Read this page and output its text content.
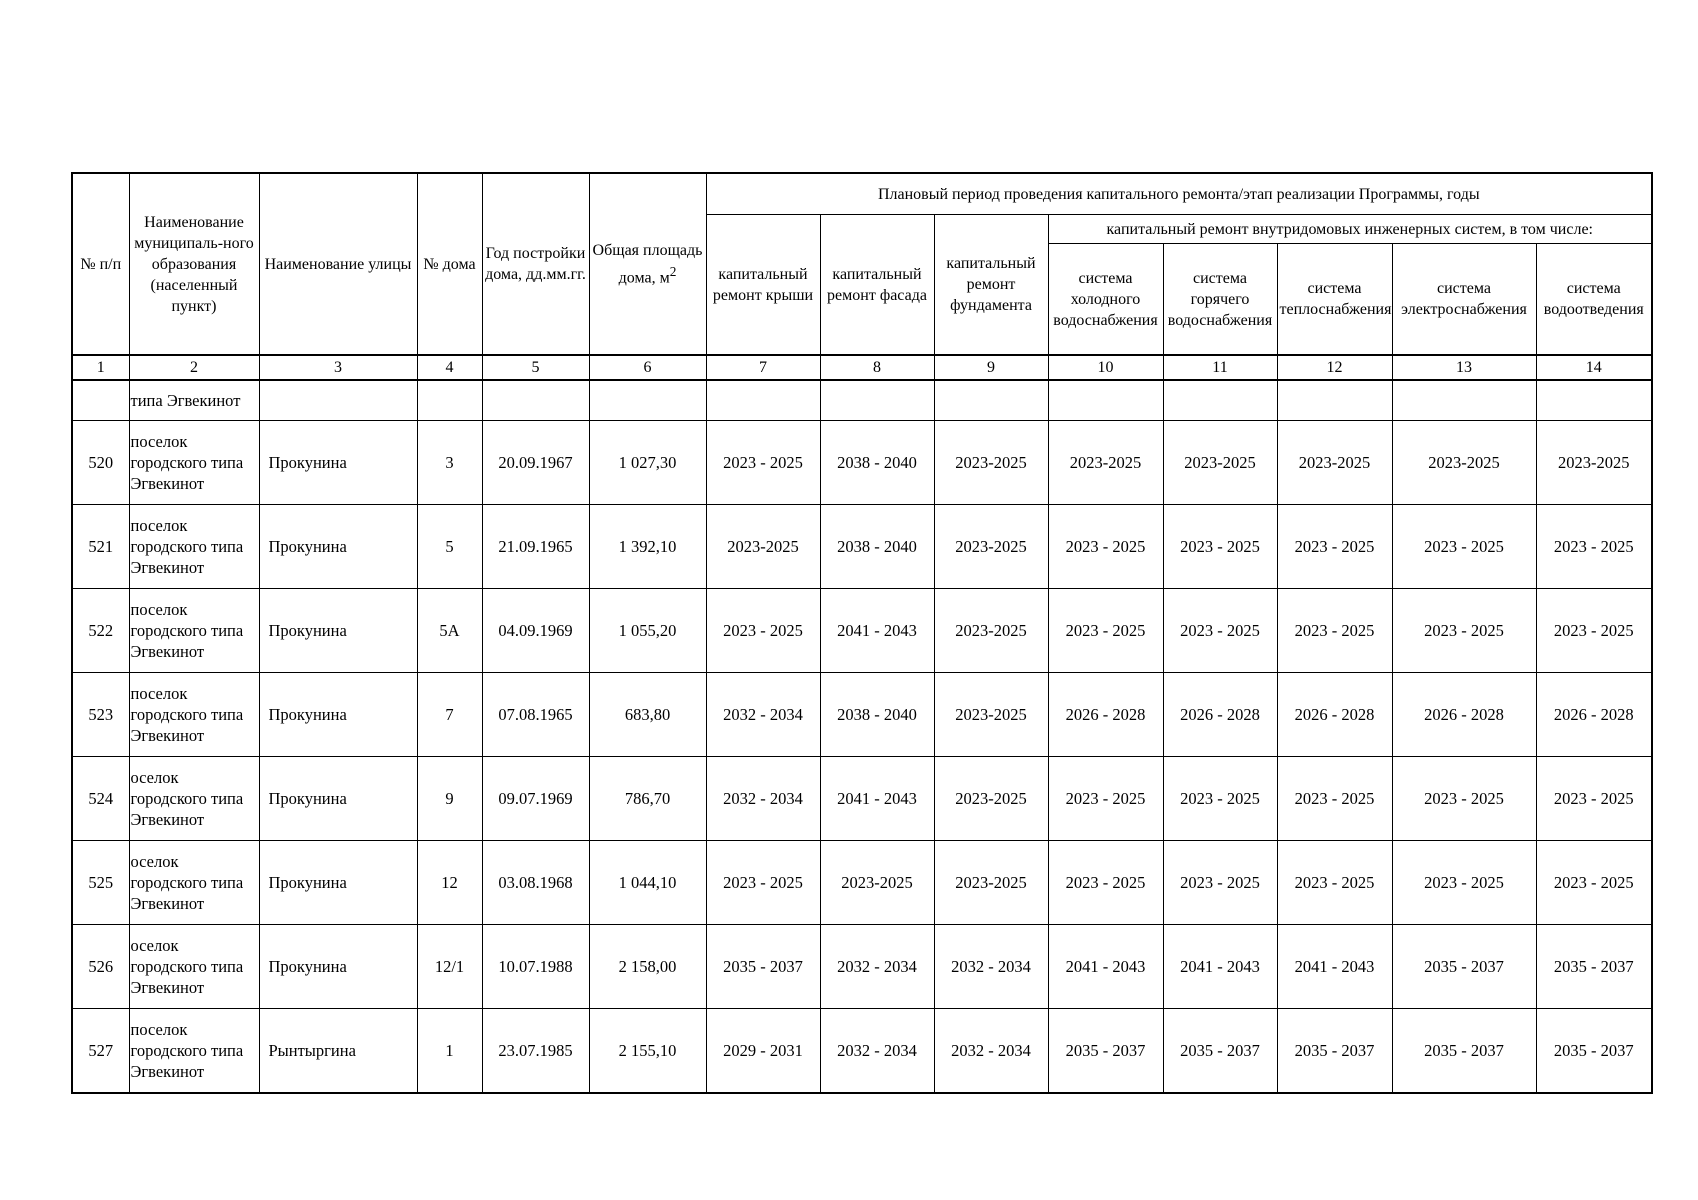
№ п/п	Наименование муниципаль-ного образования (населенный пункт)	Наименование улицы	№ дома	Год постройки дома, дд.мм.гг.	Общая площадь дома, $м^2$	Плановый период проведения капитального ремонта/этап реализации Программы, годы							
						капитальный ремонт крыши	капитальный ремонт фасада	капитальный ремонт фундамента	капитальный ремонт внутридомовых инженерных систем, в том числе:				
									система холодного водоснабжения	система горячего водоснабжения	система теплоснабжения	система электроснабжения	система водоотведения
1	2	3	4	5	6	7	8	9	10	11	12	13	14
	типа Эгвекинот												
520	поселок городского типа Эгвекинот	Прокунина	3	20.09.1967	1 027,30	2023 - 2025	2038 - 2040	2023-2025	2023-2025	2023-2025	2023-2025	2023-2025	2023-2025
521	поселок городского типа Эгвекинот	Прокунина	5	21.09.1965	1 392,10	2023-2025	2038 - 2040	2023-2025	2023 - 2025	2023 - 2025	2023 - 2025	2023 - 2025	2023 - 2025
522	поселок городского типа Эгвекинот	Прокунина	5А	04.09.1969	1 055,20	2023 - 2025	2041 - 2043	2023-2025	2023 - 2025	2023 - 2025	2023 - 2025	2023 - 2025	2023 - 2025
523	поселок городского типа Эгвекинот	Прокунина	7	07.08.1965	683,80	2032 - 2034	2038 - 2040	2023-2025	2026 - 2028	2026 - 2028	2026 - 2028	2026 - 2028	2026 - 2028
524	оселок городского типа Эгвекинот	Прокунина	9	09.07.1969	786,70	2032 - 2034	2041 - 2043	2023-2025	2023 - 2025	2023 - 2025	2023 - 2025	2023 - 2025	2023 - 2025
525	оселок городского типа Эгвекинот	Прокунина	12	03.08.1968	1 044,10	2023 - 2025	2023-2025	2023-2025	2023 - 2025	2023 - 2025	2023 - 2025	2023 - 2025	2023 - 2025
526	оселок городского типа Эгвекинот	Прокунина	12/1	10.07.1988	2 158,00	2035 - 2037	2032 - 2034	2032 - 2034	2041 - 2043	2041 - 2043	2041 - 2043	2035 - 2037	2035 - 2037
527	поселок городского типа Эгвекинот	Рынтыргина	1	23.07.1985	2 155,10	2029 - 2031	2032 - 2034	2032 - 2034	2035 - 2037	2035 - 2037	2035 - 2037	2035 - 2037	2035 - 2037
